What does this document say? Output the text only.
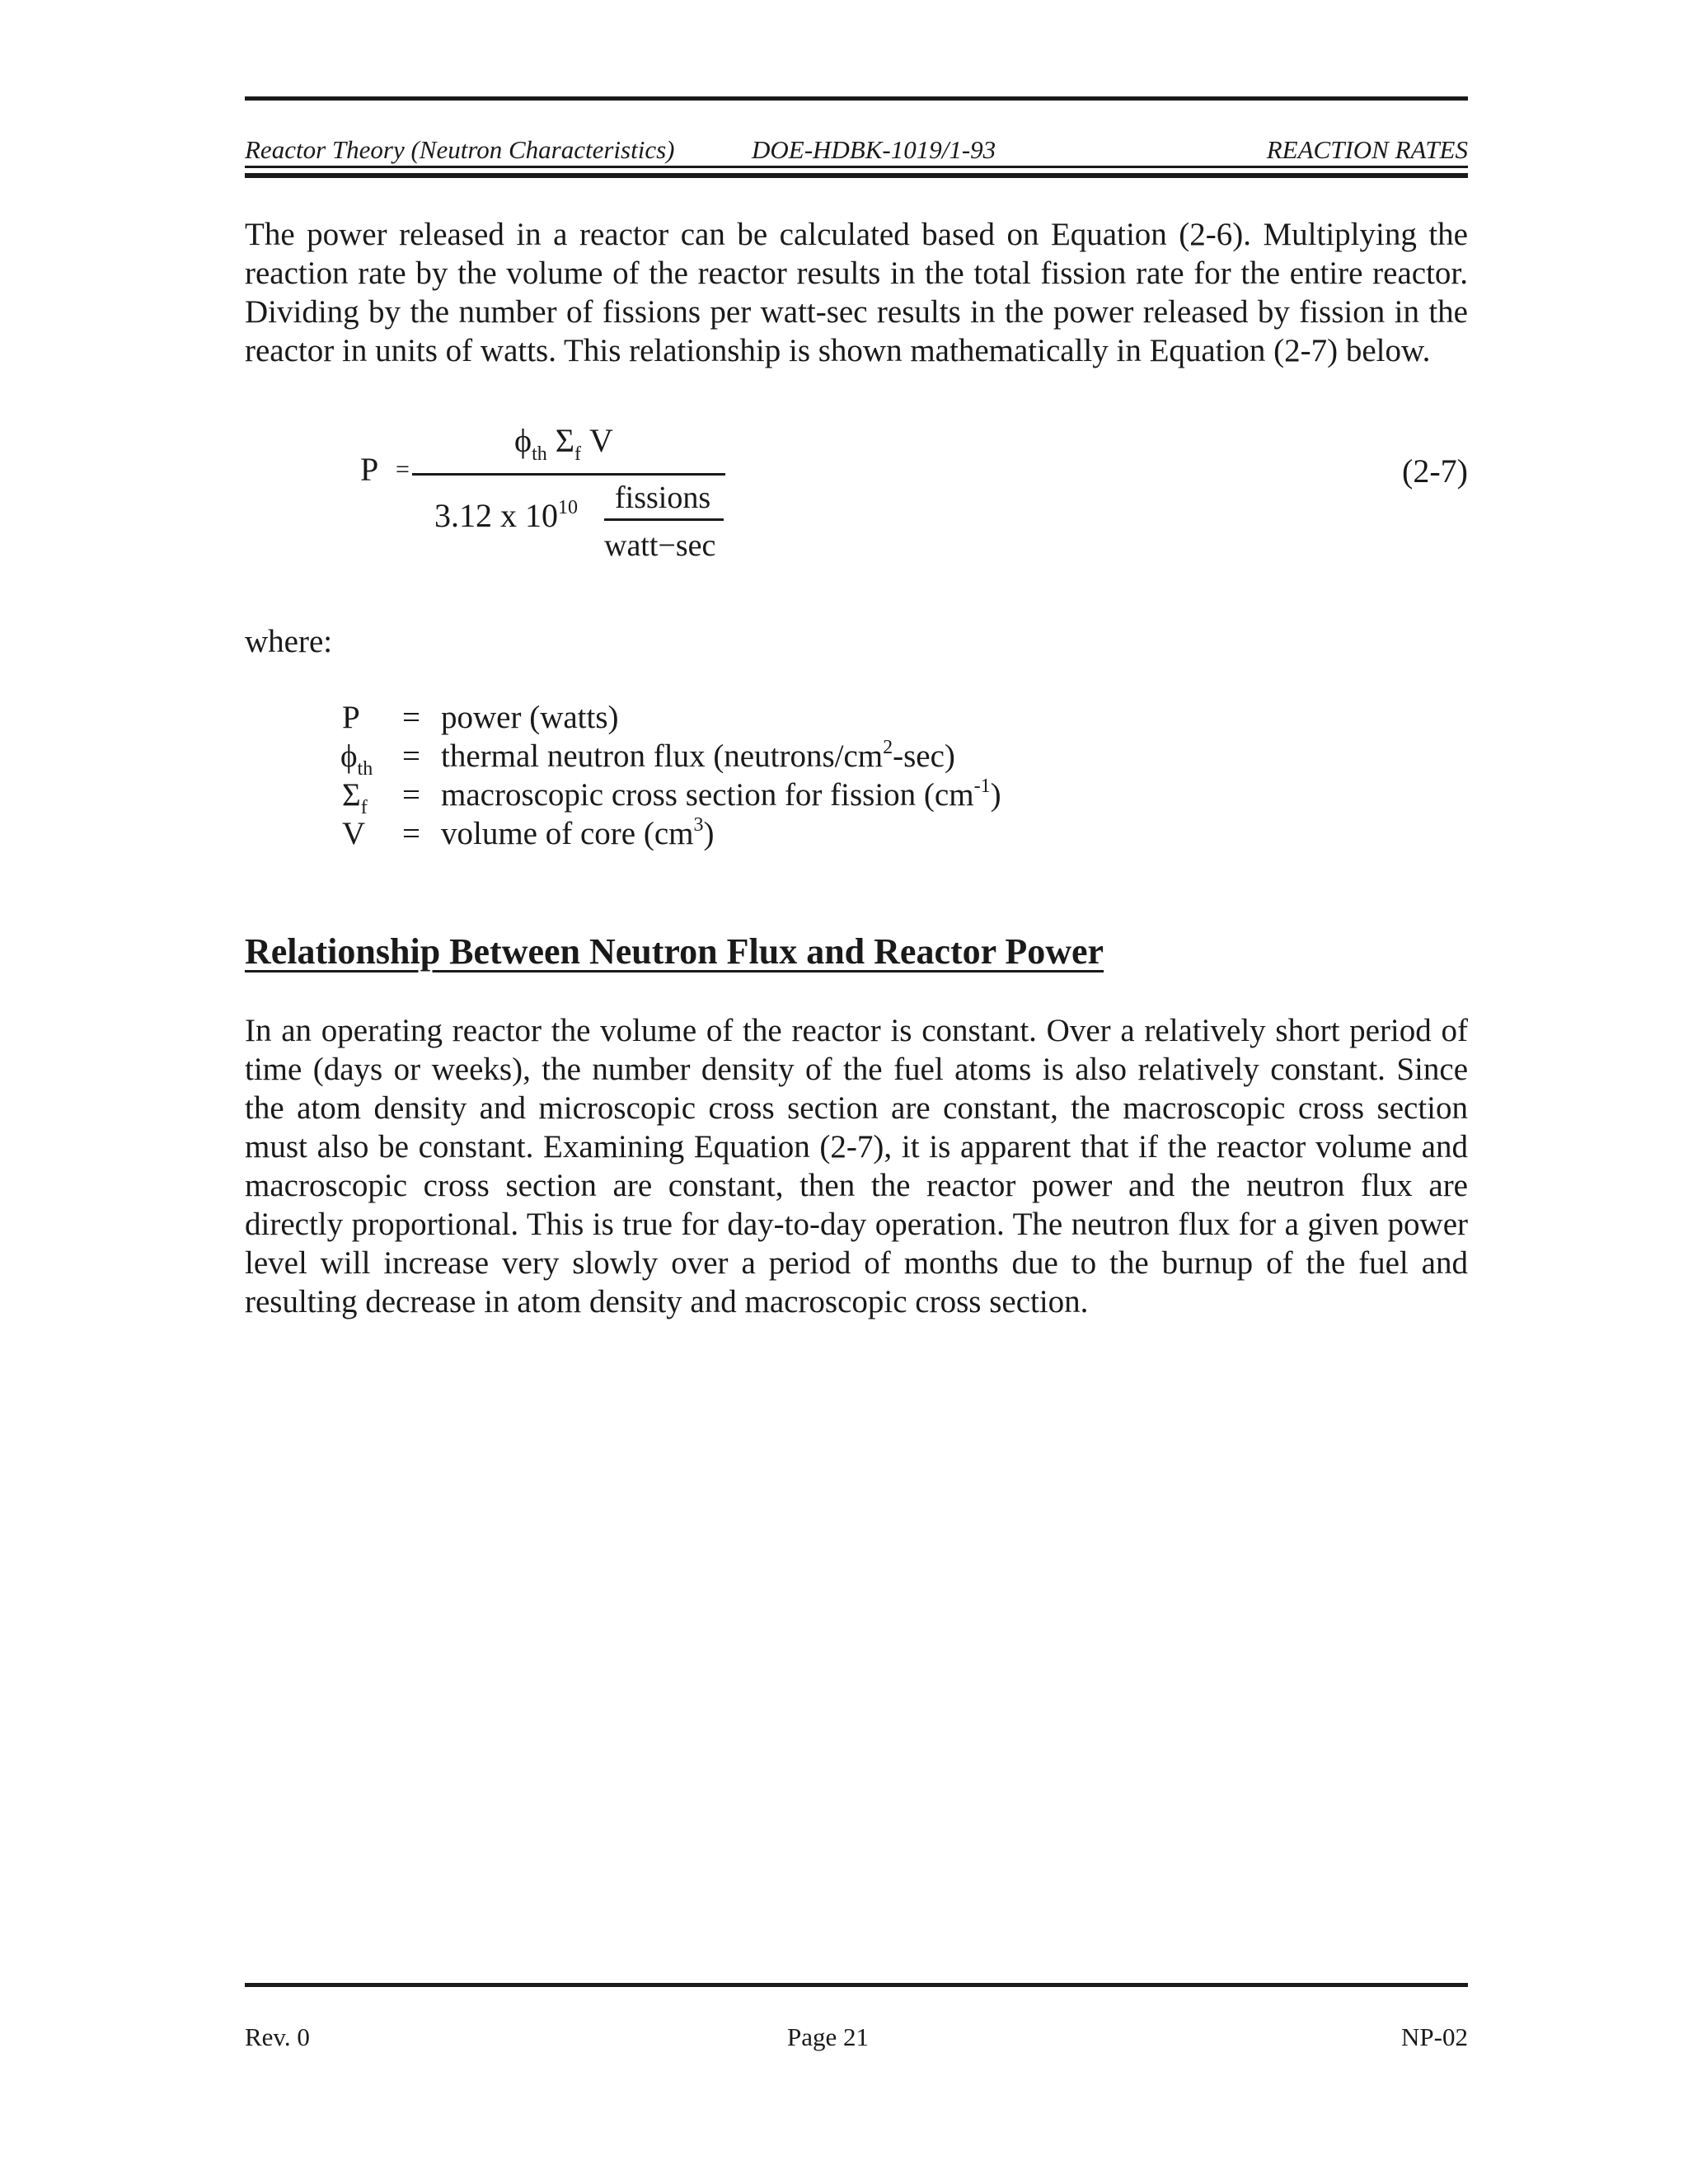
Reactor Theory (Neutron Characteristics)	DOE-HDBK-1019/1-93	REACTION RATES

The power released in a reactor can be calculated based on Equation (2-6). Multiplying the reaction rate by the volume of the reactor results in the total fission rate for the entire reactor. Dividing by the number of fissions per watt-sec results in the power released by fission in the reactor in units of watts. This relationship is shown mathematically in Equation (2-7) below.

P =
$\phi_{th}$ $\Sigma_f$ V
3.12 x $10^{10}$ fissions
watt−sec
(2-7)
where:
P = power (watts)
$\phi_{th}$ = thermal neutron flux $(neutrons/cm^2-\sec)$
$\Sigma_f$ = macroscopic cross section for fission $(cm^{-1})$
V = volume of core $(cm^3)$
Relationship Between Neutron Flux and Reactor Power

In an operating reactor the volume of the reactor is constant. Over a relatively short period of time (days or weeks), the number density of the fuel atoms is also relatively constant. Since the atom density and microscopic cross section are constant, the macroscopic cross section must also be constant. Examining Equation (2-7), it is apparent that if the reactor volume and macroscopic cross section are constant, then the reactor power and the neutron flux are directly proportional. This is true for day-to-day operation. The neutron flux for a given power level will increase very slowly over a period of months due to the burnup of the fuel and resulting decrease in atom density and macroscopic cross section.

Rev. 0	Page 21	NP-02
